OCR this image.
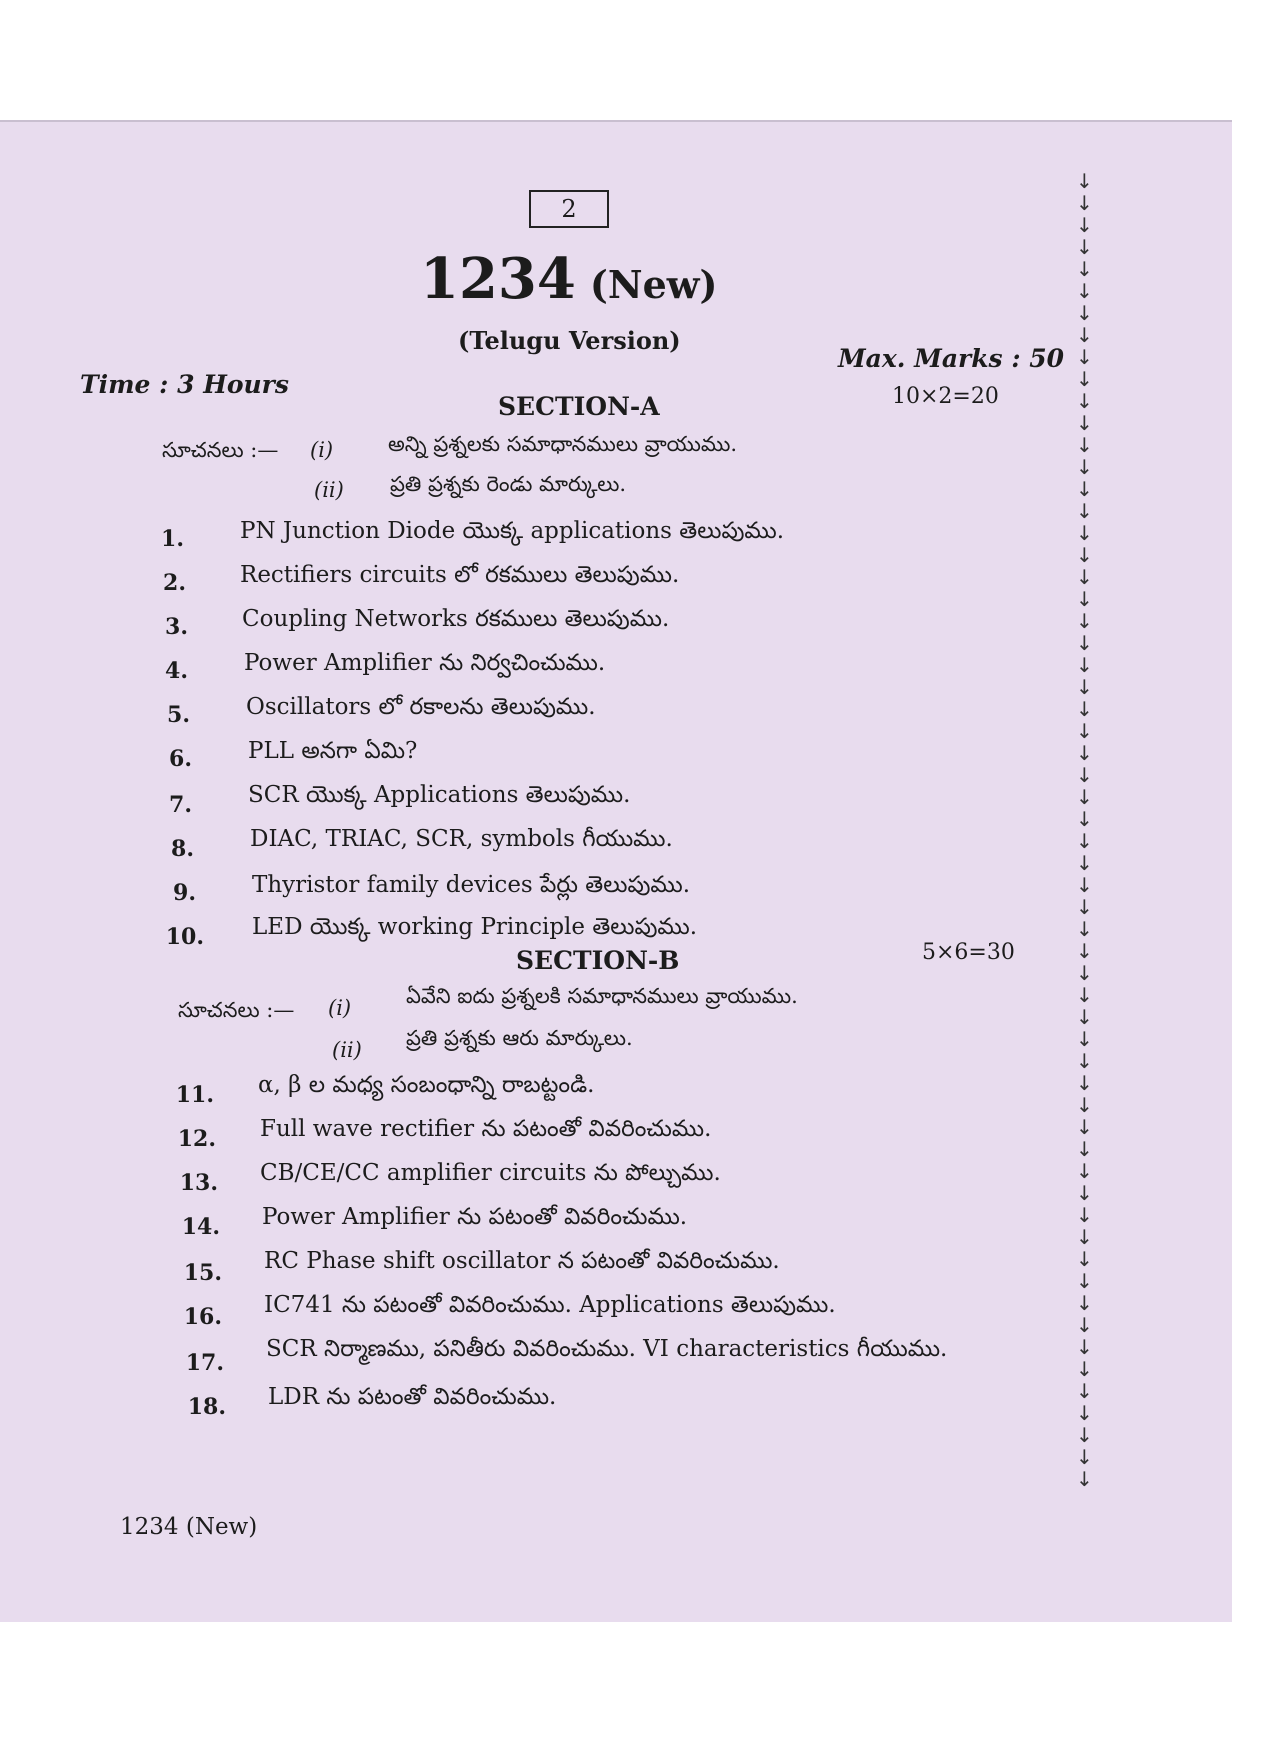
2
1234 (New)
(Telugu Version)
Time : 3 Hours
Max. Marks : 50
SECTION-A	10×2=20
సూచనలు :— (i)	అన్ని ప్రశ్నలకు సమాధానములు వ్రాయుము.
(ii) ప్రతి ప్రశ్నకు రెండు మార్కులు.
1. PN Junction Diode యొక్క applications తెలుపుము.
2. Rectifiers circuits లో రకములు తెలుపుము.
3. Coupling Networks రకములు తెలుపుము.
4. Power Amplifier ను నిర్వచించుము.
5. Oscillators లో రకాలను తెలుపుము.
6. PLL అనగా ఏమి?
7. SCR యొక్క Applications తెలుపుము.
8. DIAC, TRIAC, SCR, symbols గీయుము.
9. Thyristor family devices పేర్లు తెలుపుము.
10. LED యొక్క working Principle తెలుపుము.
SECTION-B	5×6=30
సూచనలు :— (i)	ఏవేని ఐదు ప్రశ్నలకి సమాధానములు వ్రాయుము.
(ii) ప్రతి ప్రశ్నకు ఆరు మార్కులు.
11. α, β ల మధ్య సంబంధాన్ని రాబట్టండి.
12. Full wave rectifier ను పటంతో వివరించుము.
13. CB/CE/CC amplifier circuits ను పోల్చుము.
14. Power Amplifier ను పటంతో వివరించుము.
15. RC Phase shift oscillator న పటంతో వివరించుము.
16. IC741 ను పటంతో వివరించుము. Applications తెలుపుము.
17.
SCR నిర్మాణము, పనితీరు వివరించుము. VI characteristics గీయుము.
18. LDR ను పటంతో వివరించుము.
1234 (New)
↓↓↓↓↓↓↓↓↓↓↓↓↓↓↓↓↓↓↓↓↓↓↓↓↓↓↓↓↓↓↓↓↓↓↓↓↓↓↓↓↓↓↓↓↓↓↓↓↓↓↓↓↓↓↓↓↓↓↓↓
